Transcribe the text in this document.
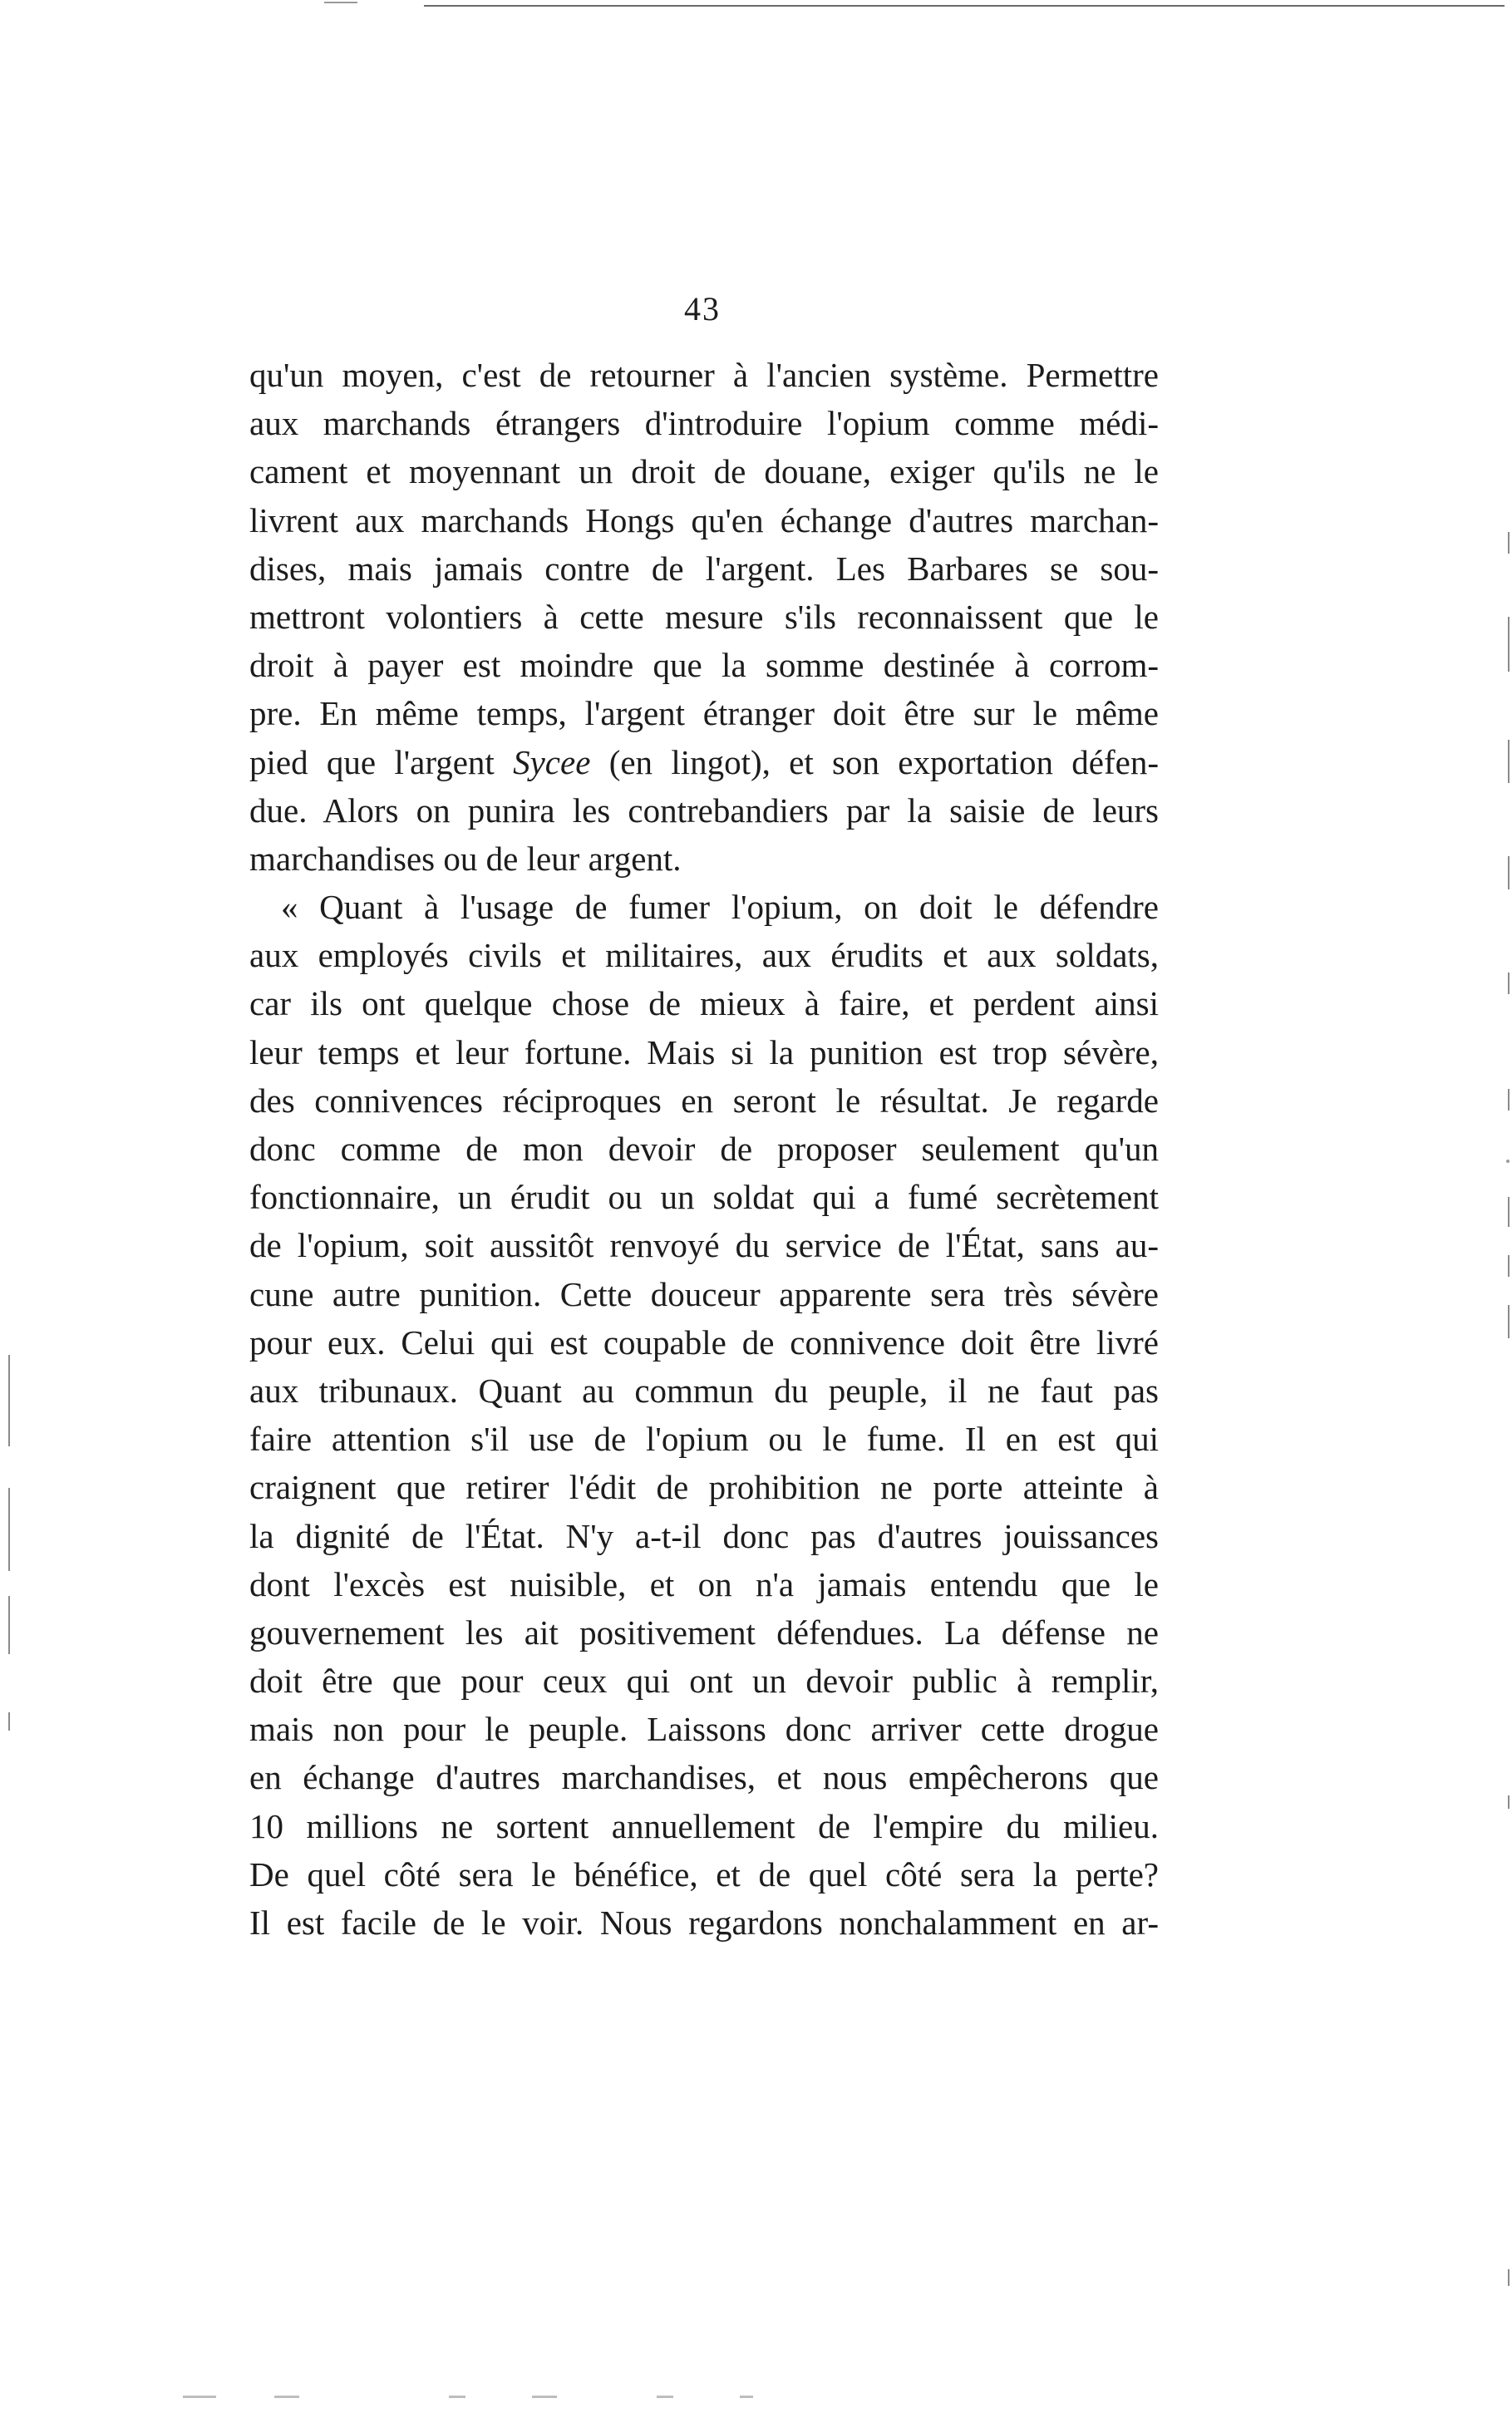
43
qu'un moyen, c'est de retourner à l'ancien système. Permettre
aux marchands étrangers d'introduire l'opium comme médi-
cament et moyennant un droit de douane, exiger qu'ils ne le
livrent aux marchands Hongs qu'en échange d'autres marchan-
dises, mais jamais contre de l'argent. Les Barbares se sou-
mettront volontiers à cette mesure s'ils reconnaissent que le
droit à payer est moindre que la somme destinée à corrom-
pre. En même temps, l'argent étranger doit être sur le même
pied que l'argent Sycee (en lingot), et son exportation défen-
due. Alors on punira les contrebandiers par la saisie de leurs
marchandises ou de leur argent.
« Quant à l'usage de fumer l'opium, on doit le défendre
aux employés civils et militaires, aux érudits et aux soldats,
car ils ont quelque chose de mieux à faire, et perdent ainsi
leur temps et leur fortune. Mais si la punition est trop sévère,
des connivences réciproques en seront le résultat. Je regarde
donc comme de mon devoir de proposer seulement qu'un
fonctionnaire, un érudit ou un soldat qui a fumé secrètement
de l'opium, soit aussitôt renvoyé du service de l'État, sans au-
cune autre punition. Cette douceur apparente sera très sévère
pour eux. Celui qui est coupable de connivence doit être livré
aux tribunaux. Quant au commun du peuple, il ne faut pas
faire attention s'il use de l'opium ou le fume. Il en est qui
craignent que retirer l'édit de prohibition ne porte atteinte à
la dignité de l'État. N'y a-t-il donc pas d'autres jouissances
dont l'excès est nuisible, et on n'a jamais entendu que le
gouvernement les ait positivement défendues. La défense ne
doit être que pour ceux qui ont un devoir public à remplir,
mais non pour le peuple. Laissons donc arriver cette drogue
en échange d'autres marchandises, et nous empêcherons que
10 millions ne sortent annuellement de l'empire du milieu.
De quel côté sera le bénéfice, et de quel côté sera la perte?
Il est facile de le voir. Nous regardons nonchalamment en ar-
